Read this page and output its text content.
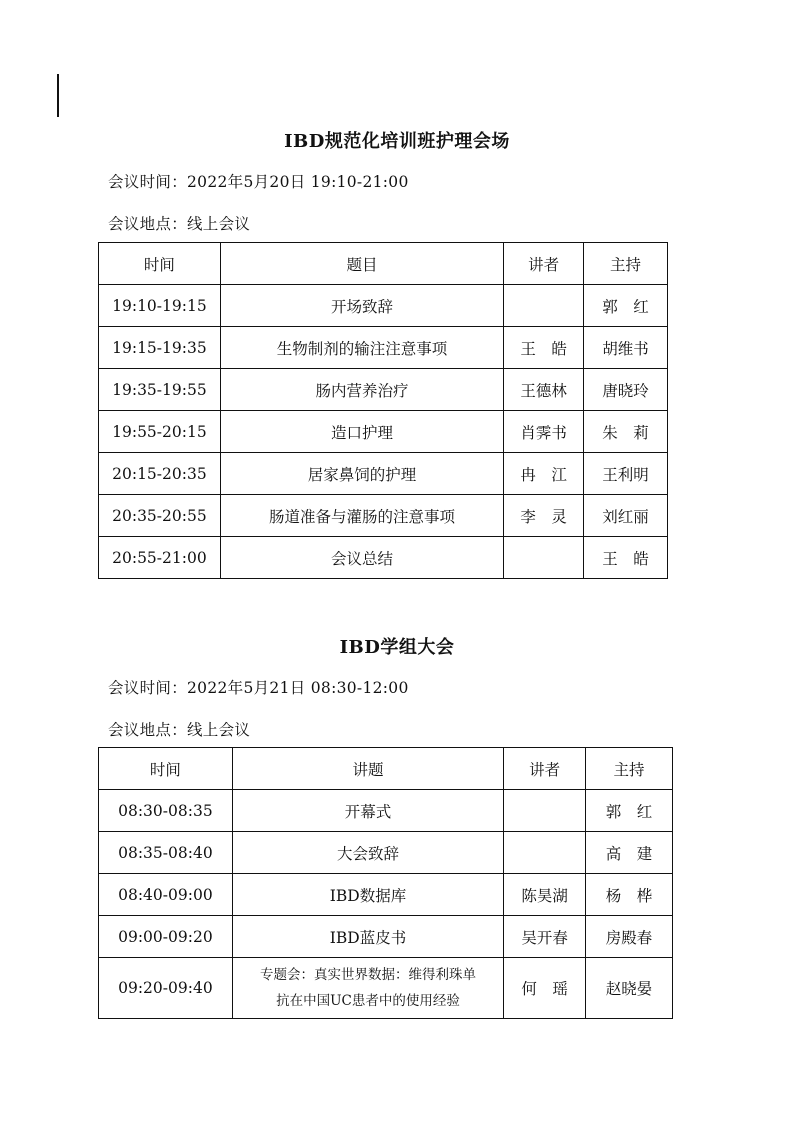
IBD规范化培训班护理会场
会议时间：2022年5月20日 19:10-21:00
会议地点：线上会议
时间	题目	讲者	主持
19:10-19:15	开场致辞		郭　红
19:15-19:35	生物制剂的输注注意事项	王　皓	胡维书
19:35-19:55	肠内营养治疗	王德林	唐晓玲
19:55-20:15	造口护理	肖霁书	朱　莉
20:15-20:35	居家鼻饲的护理	冉　江	王利明
20:35-20:55	肠道准备与灌肠的注意事项	李　灵	刘红丽
20:55-21:00	会议总结		王　皓
IBD学组大会
会议时间：2022年5月21日 08:30-12:00
会议地点：线上会议
时间	讲题	讲者	主持
08:30-08:35	开幕式		郭　红
08:35-08:40	大会致辞		高　建
08:40-09:00	IBD数据库	陈昊湖	杨　桦
09:00-09:20	IBD蓝皮书	吴开春	房殿春
09:20-09:40	专题会：真实世界数据：维得利珠单
抗在中国UC患者中的使用经验	何　瑶	赵晓晏
